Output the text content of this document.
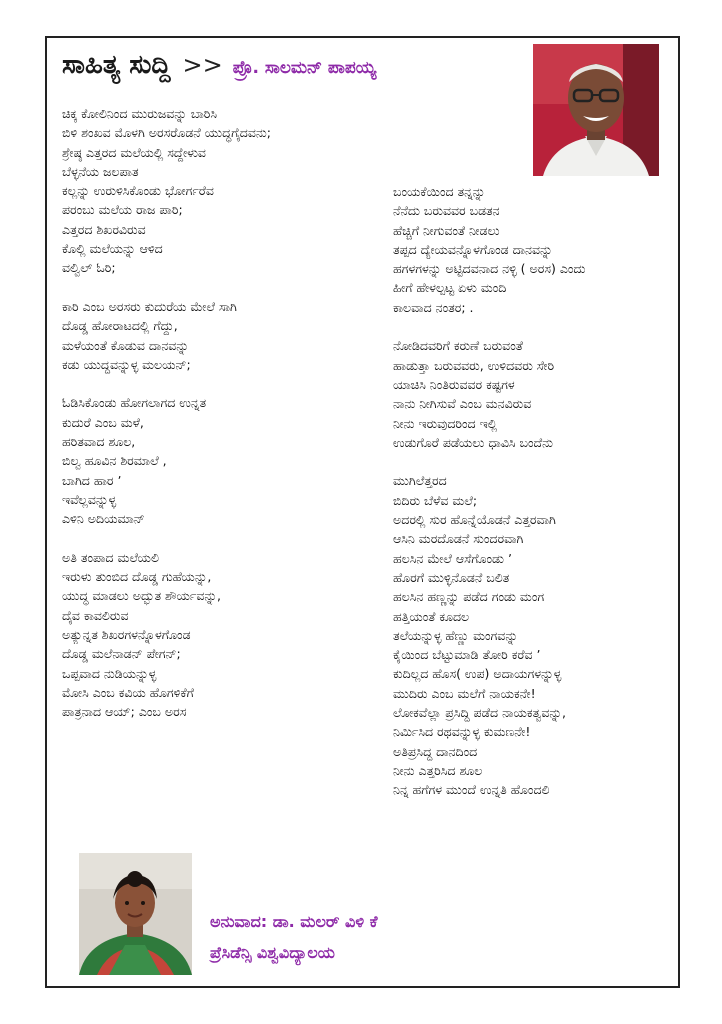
ಸಾಹಿತ್ಯ ಸುದ್ದಿ >> ಪ್ರೊ. ಸಾಲಮನ್ ಪಾಪಯ್ಯ
ಚಿಕ್ಕ ಕೋಲಿನಿಂದ ಮುರುಜವನ್ನು ಬಾರಿಸಿ
ಬಿಳಿ ಶಂಖವ ಮೊಳಗಿ ಅರಸರೊಡನೆ ಯುದ್ಧಗೈದವನು;
ಶ್ರೇಷ್ಠ ಎತ್ತರದ ಮಲೆಯಲ್ಲಿ ಸದ್ದೇಳುವ
ಬೆಳ್ಳನೆಯ ಜಲಪಾತ
ಕಲ್ಲನ್ನು ಉರುಳಿಸಿಕೊಂಡು ಭೋರ್ಗರೆವ
ಪರಂಬು ಮಲೆಯ ರಾಜ ಪಾರಿ;
ಎತ್ತರದ ಶಿಖರವಿರುವ
ಕೊಲ್ಲಿ ಮಲೆಯನ್ನು ಆಳಿದ
ವಲ್ವಿಲ್ ಓರಿ;
ಕಾರಿ ಎಂಬ ಅರಸರು ಕುದುರೆಯ ಮೇಲೆ ಸಾಗಿ
ದೊಡ್ಡ ಹೋರಾಟದಲ್ಲಿ ಗೆದ್ದು,
ಮಳೆಯಂತೆ ಕೊಡುವ ದಾನವನ್ನು
ಕಡು ಯುದ್ಧವನ್ನುಳ್ಳ ಮಲಯನ್;
ಓಡಿಸಿಕೊಂಡು ಹೋಗಲಾಗದ ಉನ್ನತ
ಕುದುರೆ ಎಂಬ ಮಳೆ,
ಹರಿತವಾದ ಶೂಲ,
ಬಿಲ್ವ ಹೂವಿನ ಶಿರಮಾಲೆ ,
ಬಾಗಿದ ಹಾರ ʼ
ಇವೆಲ್ಲವನ್ನುಳ್ಳ
ಎಳಿನಿ ಅದಿಯಮಾನ್
ಅತಿ ತಂಪಾದ ಮಲೆಯಲಿ
ಇರುಳು ತುಂಬಿದ ದೊಡ್ಡ ಗುಹೆಯನ್ನು,
ಯುದ್ಧ ಮಾಡಲು ಅದ್ಭುತ ಶೌರ್ಯವನ್ನು,
ದೈವ ಕಾವಲಿರುವ
ಅತ್ಯುನ್ನತ ಶಿಖರಗಳನ್ನೊಳಗೊಂಡ
ದೊಡ್ಡ ಮಲೆನಾಡನ್ ಪೇಗನ್;
ಒಪ್ಪವಾದ ನುಡಿಯನ್ನುಳ್ಳ
ಮೋಸಿ ಎಂಬ ಕವಿಯ ಹೊಗಳಿಕೆಗೆ
ಪಾತ್ರನಾದ ಆಯ್; ಎಂಬ ಅರಸ
ಬಂಯಕೆಯಿಂದ ತನ್ನನ್ನು
ನೆನೆದು ಬರುವವರ ಬಡತನ
ಹೆಚ್ಚಿಗೆ ನೀಗುವಂತೆ ನೀಡಲು
ತಪ್ಪದ ದ್ಯೇಯವನ್ನೊಳಗೊಂಡ ದಾನವನ್ನು
ಹಗಳಗಳನ್ನು ಅಟ್ಟಿದವನಾದ ನಳ್ಳಿ ( ಅರಸ) ಎಂದು
ಹೀಗೆ ಹೇಳಲ್ಪಟ್ಟ ಏಳು ಮಂದಿ
ಕಾಲವಾದ ನಂತರ; .
ನೋಡಿದವರಿಗೆ ಕರುಣೆ ಬರುವಂತೆ
ಹಾಡುತ್ತಾ ಬರುವವರು, ಉಳಿದವರು ಸೇರಿ
ಯಾಚಿಸಿ ನಿಂತಿರುವವರ ಕಷ್ಟಗಳ
ನಾನು ನೀಗಿಸುವೆ ಎಂಬ ಮನವಿರುವ
ನೀನು ಇರುವುದರಿಂದ ಇಲ್ಲಿ
ಉಡುಗೊರೆ ಪಡೆಯಲು ಧಾವಿಸಿ ಬಂದೆನು
ಮುಗಿಲೆತ್ತರದ
ಬಿದಿರು ಬೆಳೆವ ಮಲೆ;
ಅದರಲ್ಲಿ ಸುರ ಹೊನ್ನೆಯೊಡನೆ ಎತ್ತರವಾಗಿ
ಆಸಿನಿ ಮರದೊಡನೆ ಸುಂದರವಾಗಿ
ಹಲಸಿನ ಮೇಲೆ ಆಸೆಗೊಂಡು ʼ
ಹೊರಗೆ ಮುಳ್ಳಿನೊಡನೆ ಬಲಿತ
ಹಲಸಿನ ಹಣ್ಣನ್ನು ಪಡೆದ ಗಂಡು ಮಂಗ
ಹತ್ತಿಯಂತೆ ಕೂದಲ
ತಲೆಯನ್ನುಳ್ಳ ಹೆಣ್ಣು ಮಂಗವನ್ನು
ಕೈಯಿಂದ ಬೆಟ್ಟುಮಾಡಿ ತೋರಿ ಕರೆವ ʼ
ಕುದಿಲ್ಲದ ಹೊಸ( ಉಪ) ಅದಾಯಗಳನ್ನುಳ್ಳ
ಮುದಿರು ಎಂಬ ಮಲೆಗೆ ನಾಯಕನೇ!
ಲೋಕವೆಲ್ಲಾ ಪ್ರಸಿದ್ಧಿ ಪಡೆದ ನಾಯಕತ್ವವನ್ನು,
ನಿರ್ಮಿಸಿದ ರಥವನ್ನುಳ್ಳ ಕುಮಣನೇ!
ಅತಿಪ್ರಸಿದ್ಧ ದಾನದಿಂದ
ನೀನು ಎತ್ತರಿಸಿದ ಶೂಲ
ನಿನ್ನ ಹಗೆಗಳ ಮುಂದೆ ಉನ್ನತಿ ಹೊಂದಲಿ
ಅನುವಾದ: ಡಾ. ಮಲರ್ ವಿಳಿ ಕೆ
ಪ್ರೆಸಿಡೆನ್ಸಿ ವಿಶ್ವವಿದ್ಯಾಲಯ
